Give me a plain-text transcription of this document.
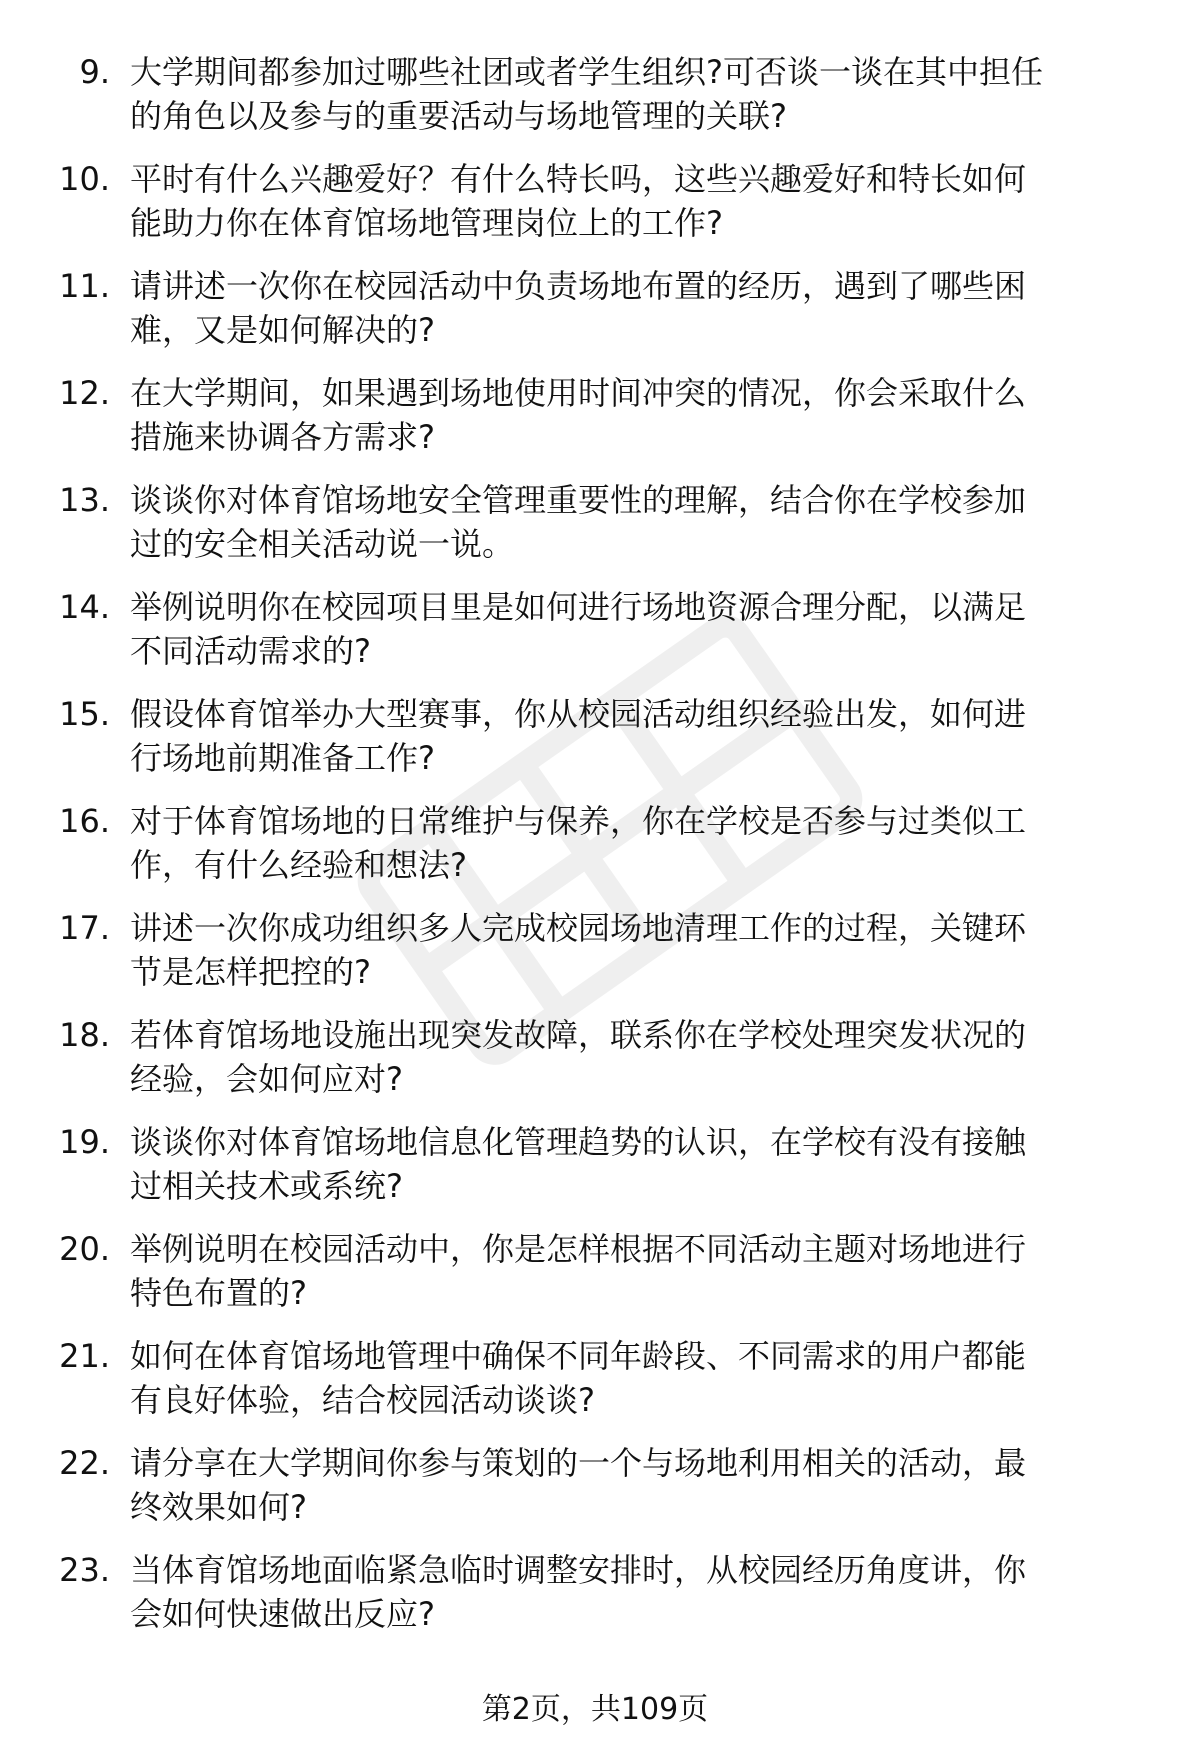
9. 大学期间都参加过哪些社团或者学生组织?可否谈一谈在其中担任
的角色以及参与的重要活动与场地管理的关联?
10. 平时有什么兴趣爱好？有什么特长吗，这些兴趣爱好和特长如何
能助力你在体育馆场地管理岗位上的工作?
11. 请讲述一次你在校园活动中负责场地布置的经历，遇到了哪些困
难，又是如何解决的?
12. 在大学期间，如果遇到场地使用时间冲突的情况，你会采取什么
措施来协调各方需求?
13. 谈谈你对体育馆场地安全管理重要性的理解，结合你在学校参加
过的安全相关活动说一说。
14. 举例说明你在校园项目里是如何进行场地资源合理分配，以满足
不同活动需求的?
15. 假设体育馆举办大型赛事，你从校园活动组织经验出发，如何进
行场地前期准备工作?
16. 对于体育馆场地的日常维护与保养，你在学校是否参与过类似工
作，有什么经验和想法?
17. 讲述一次你成功组织多人完成校园场地清理工作的过程，关键环
节是怎样把控的?
18. 若体育馆场地设施出现突发故障，联系你在学校处理突发状况的
经验，会如何应对?
19. 谈谈你对体育馆场地信息化管理趋势的认识，在学校有没有接触
过相关技术或系统?
20. 举例说明在校园活动中，你是怎样根据不同活动主题对场地进行
特色布置的?
21. 如何在体育馆场地管理中确保不同年龄段、不同需求的用户都能
有良好体验，结合校园活动谈谈?
22. 请分享在大学期间你参与策划的一个与场地利用相关的活动，最
终效果如何?
23. 当体育馆场地面临紧急临时调整安排时，从校园经历角度讲，你
会如何快速做出反应?
第2页，共109页
